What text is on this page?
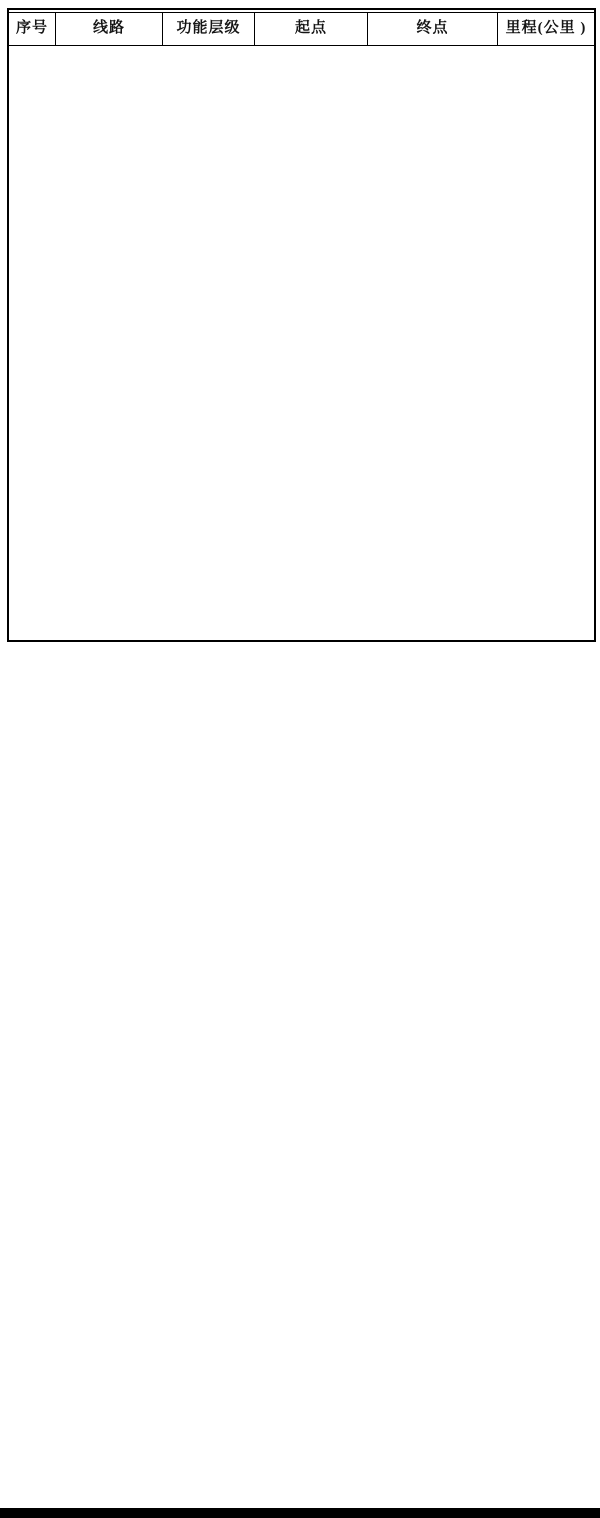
序号	线路	功能层级	起点	终点	里程(公里 )
